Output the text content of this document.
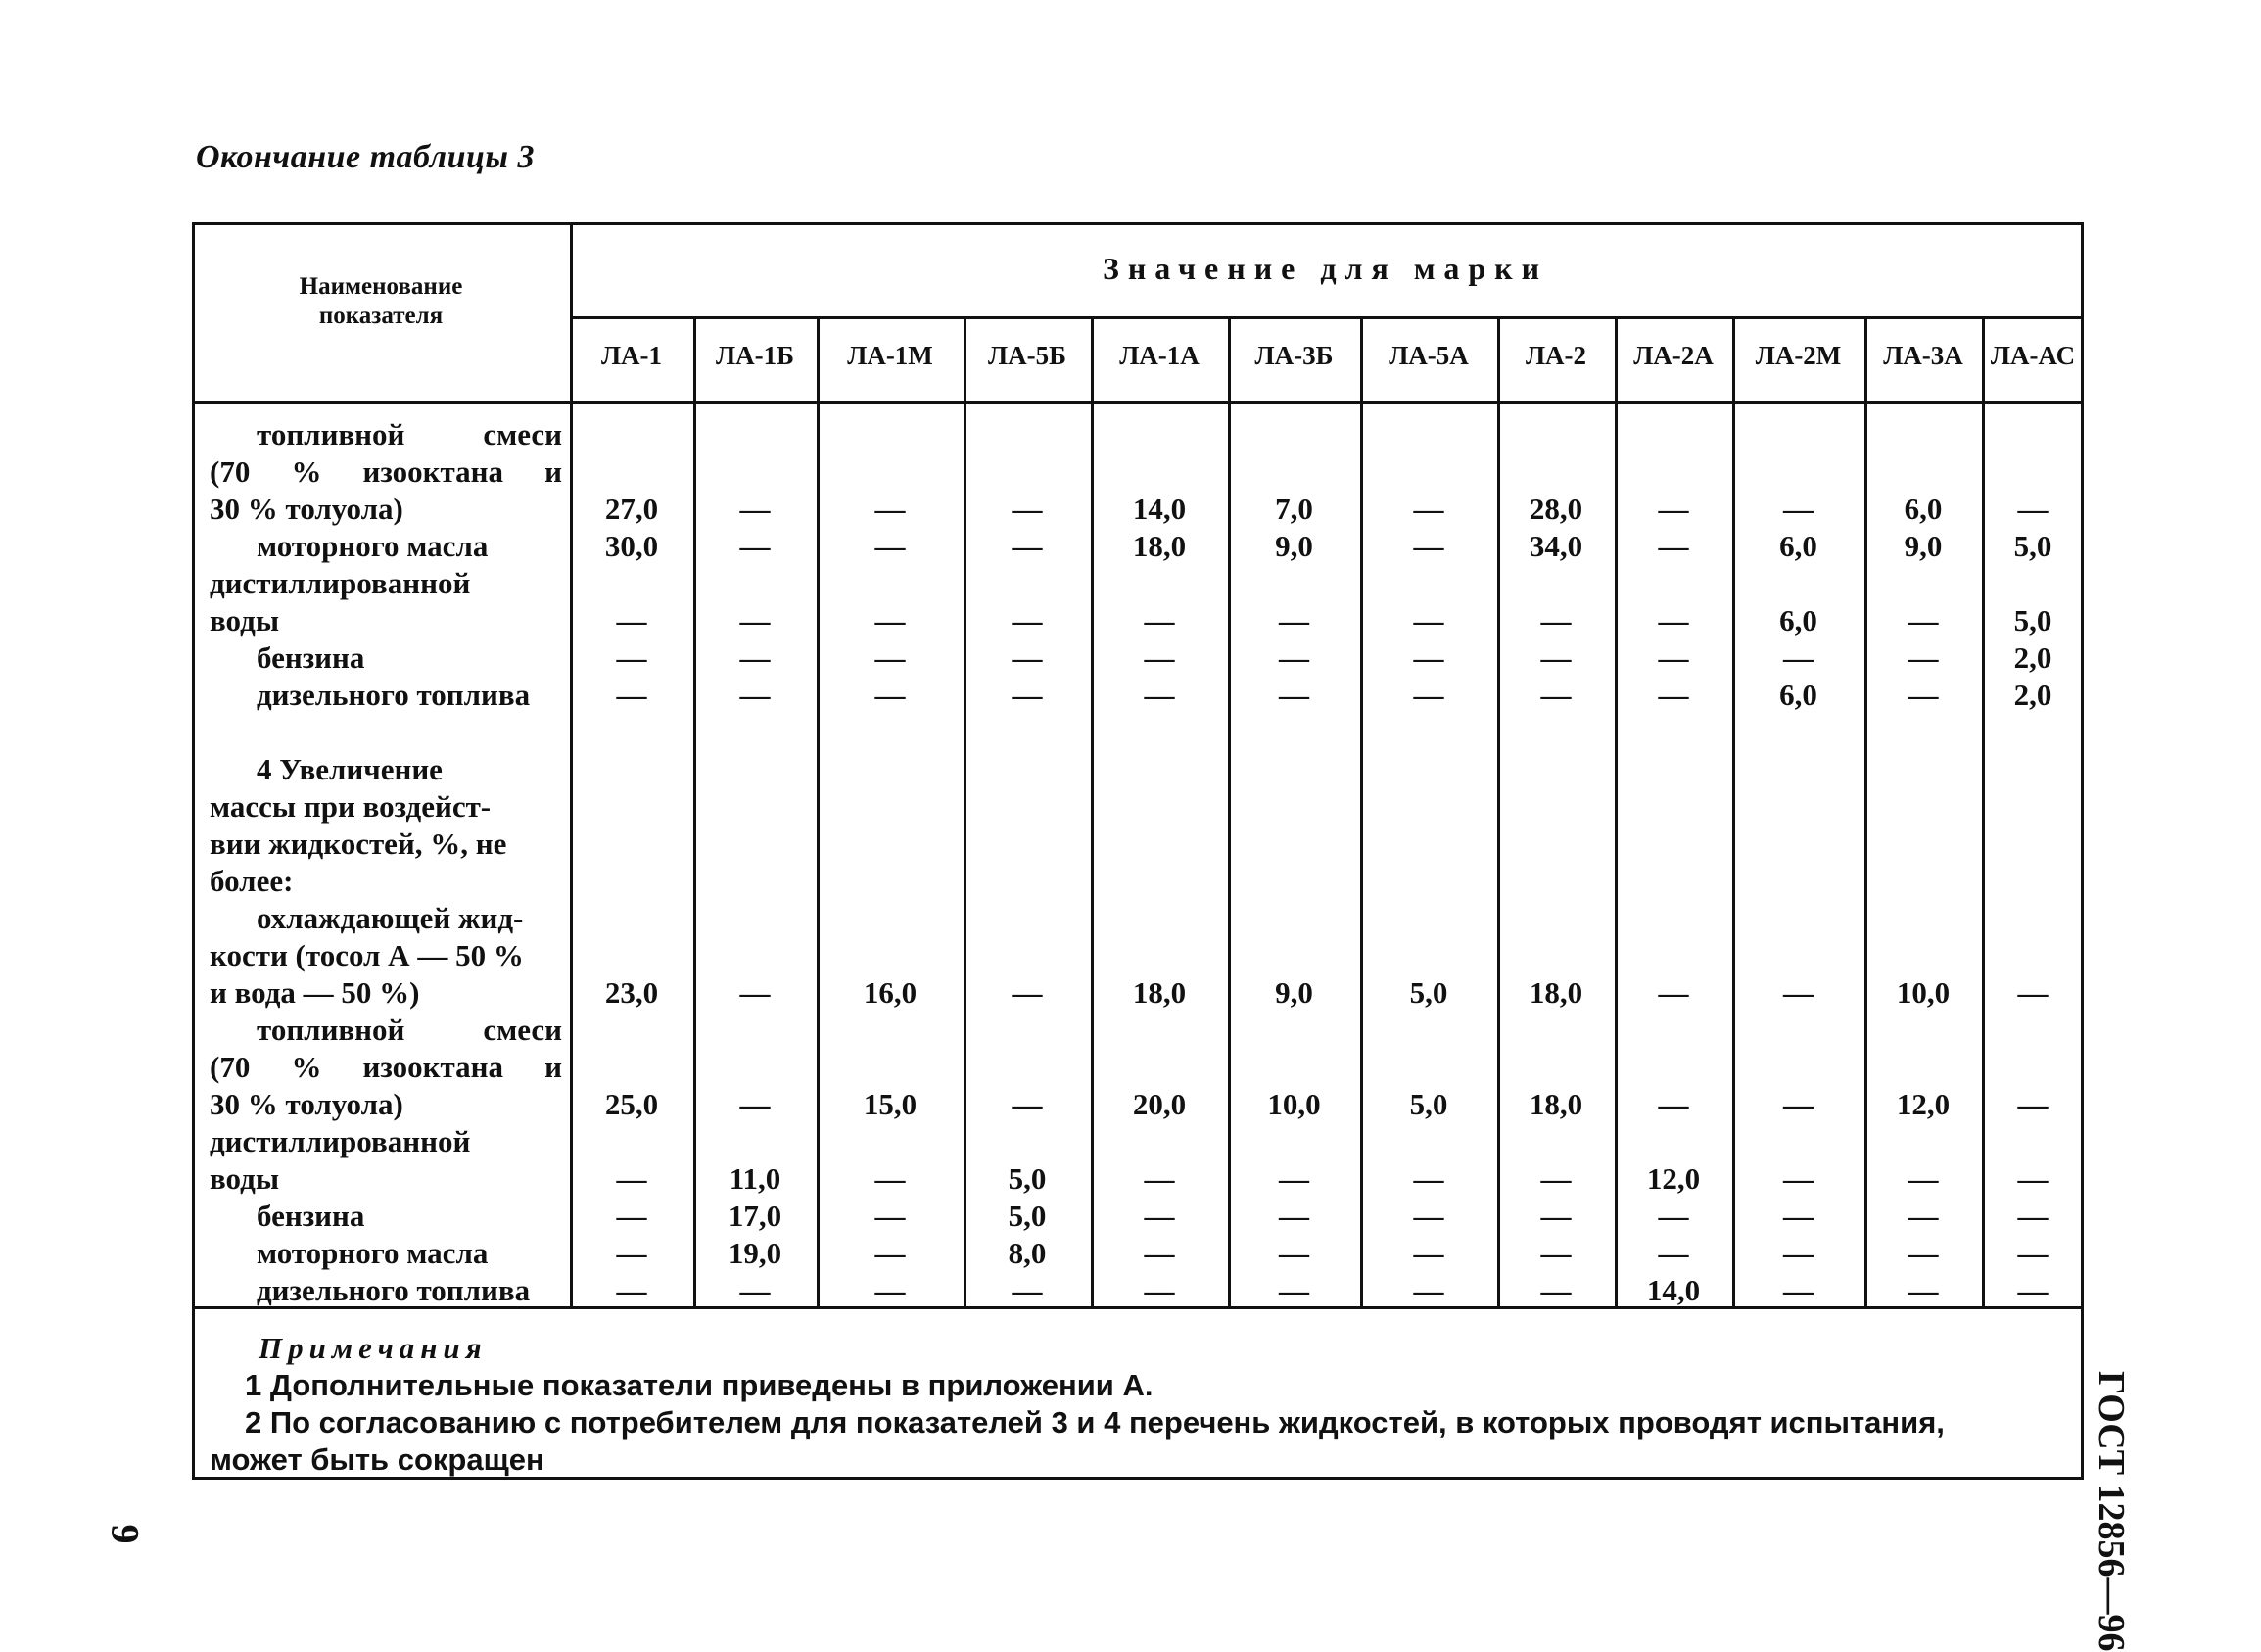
Окончание таблицы 3
Наименование
показателя
Значение для марки
ЛА-1	ЛА-1Б	ЛА-1М	ЛА-5Б	ЛА-1А	ЛА-3Б	ЛА-5А	ЛА-2	ЛА-2А	ЛА-2М	ЛА-3А	ЛА-АС
топливной	смеси
(70 % изооктана и
30 % толуола)	27,0	—	—	—	14,0	7,0	—	28,0	—	—	6,0	—
моторного масла	30,0	—	—	—	18,0	9,0	—	34,0	—	6,0	9,0	5,0
дистиллированной
воды	—	—	—	—	—	—	—	—	—	6,0	—	5,0
бензина	—	—	—	—	—	—	—	—	—	—	—	2,0
дизельного топлива	—	—	—	—	—	—	—	—	—	6,0	—	2,0
4 Увеличение
массы при воздейст-
вии жидкостей, %, не
более:
охлаждающей жид-
кости (тосол А — 50 %
и вода — 50 %)	23,0	—	16,0	—	18,0	9,0	5,0	18,0	—	—	10,0	—
топливной	смеси
(70 % изооктана и
30 % толуола)	25,0	—	15,0	—	20,0	10,0	5,0	18,0	—	—	12,0	—
дистиллированной
воды	—	11,0	—	5,0	—	—	—	—	12,0	—	—	—
бензина	—	17,0	—	5,0	—	—	—	—	—	—	—	—
моторного масла	—	19,0	—	8,0	—	—	—	—	—	—	—	—
дизельного топлива	—	—	—	—	—	—	—	—	14,0	—	—	—
Примечания
1 Дополнительные показатели приведены в приложении А.
2 По согласованию с потребителем для показателей 3 и 4 перечень жидкостей, в которых проводят испытания,
может быть сокращен	ГОСТ 12856—96
9
